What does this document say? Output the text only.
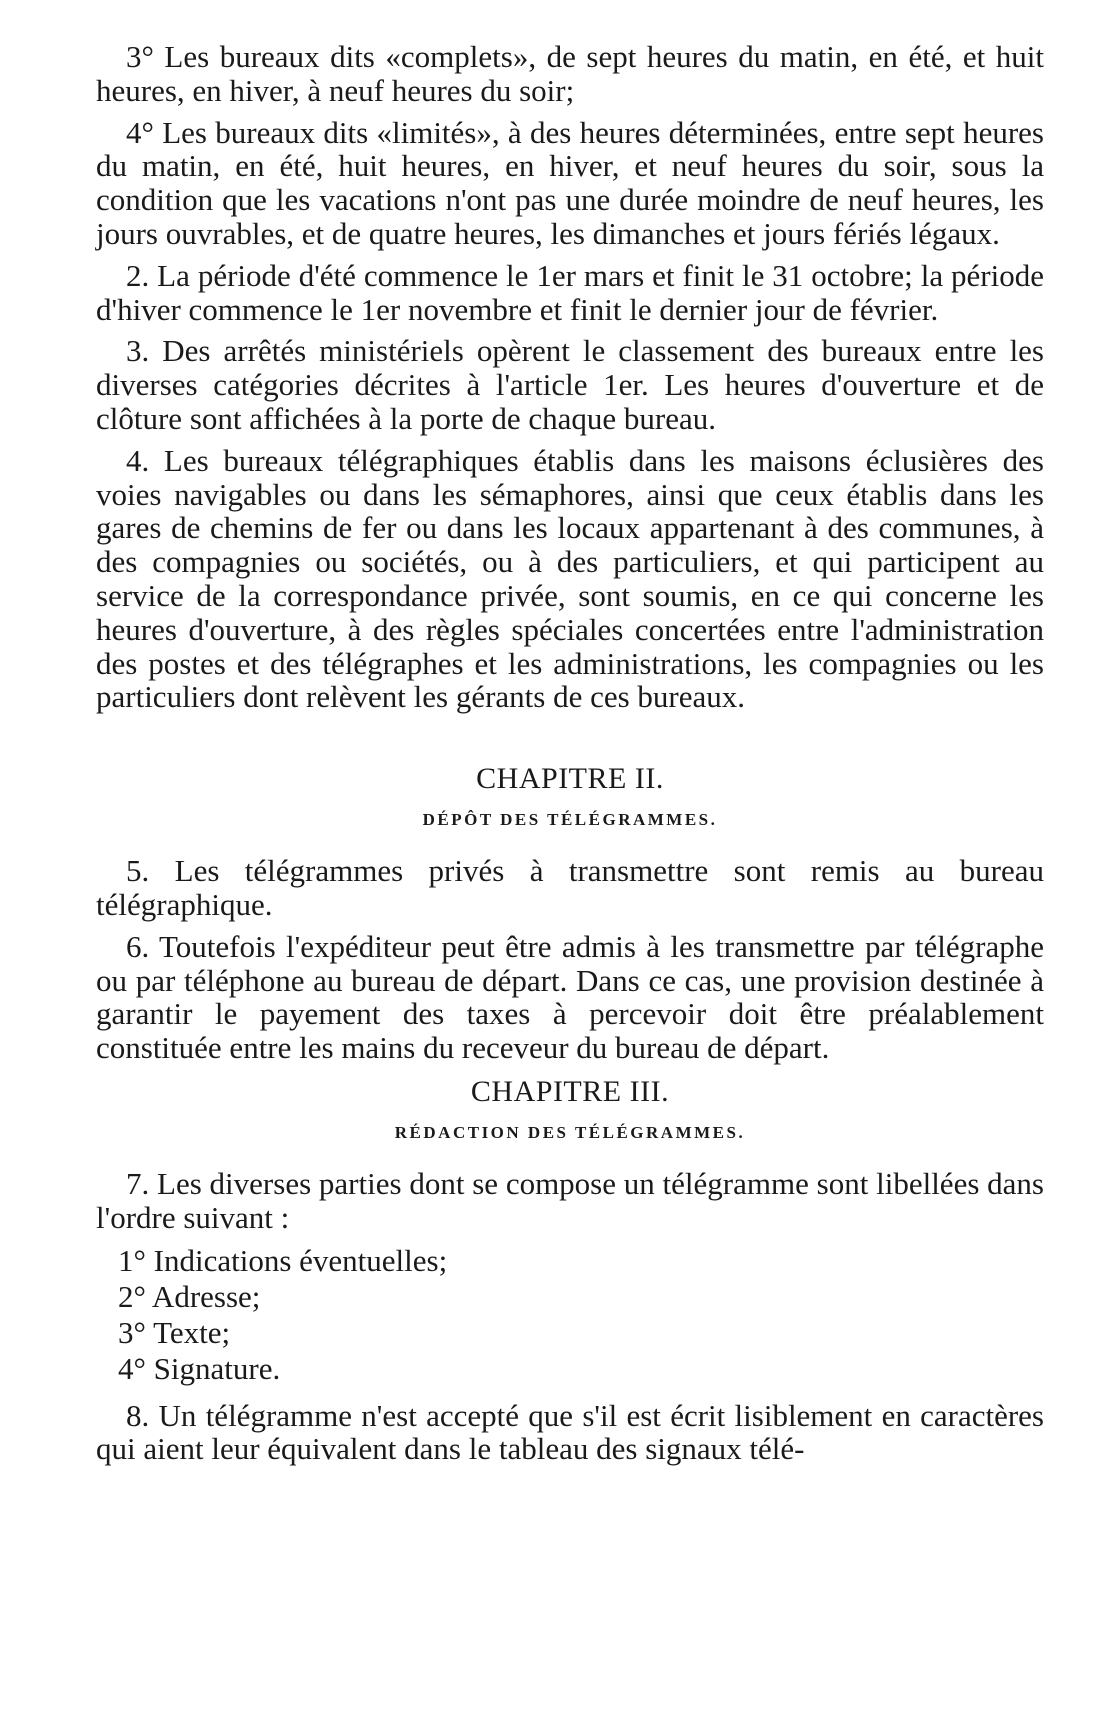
3° Les bureaux dits «complets», de sept heures du matin, en été, et huit heures, en hiver, à neuf heures du soir;

4° Les bureaux dits «limités», à des heures déterminées, entre sept heures du matin, en été, huit heures, en hiver, et neuf heures du soir, sous la condition que les vacations n'ont pas une durée moindre de neuf heures, les jours ouvrables, et de quatre heures, les dimanches et jours fériés légaux.

2. La période d'été commence le 1er mars et finit le 31 octobre; la période d'hiver commence le 1er novembre et finit le dernier jour de février.

3. Des arrêtés ministériels opèrent le classement des bureaux entre les diverses catégories décrites à l'article 1er. Les heures d'ouverture et de clôture sont affichées à la porte de chaque bureau.

4. Les bureaux télégraphiques établis dans les maisons éclusières des voies navigables ou dans les sémaphores, ainsi que ceux établis dans les gares de chemins de fer ou dans les locaux appartenant à des communes, à des compagnies ou sociétés, ou à des particuliers, et qui participent au service de la correspondance privée, sont soumis, en ce qui concerne les heures d'ouverture, à des règles spéciales concertées entre l'administration des postes et des télégraphes et les administrations, les compagnies ou les particuliers dont relèvent les gérants de ces bureaux.

CHAPITRE II.
DÉPÔT DES TÉLÉGRAMMES.

5. Les télégrammes privés à transmettre sont remis au bureau télégraphique.

6. Toutefois l'expéditeur peut être admis à les transmettre par télégraphe ou par téléphone au bureau de départ. Dans ce cas, une provision destinée à garantir le payement des taxes à percevoir doit être préalablement constituée entre les mains du receveur du bureau de départ.

CHAPITRE III.
RÉDACTION DES TÉLÉGRAMMES.

7. Les diverses parties dont se compose un télégramme sont libellées dans l'ordre suivant :

1° Indications éventuelles;

2° Adresse;

3° Texte;

4° Signature.

8. Un télégramme n'est accepté que s'il est écrit lisiblement en caractères qui aient leur équivalent dans le tableau des signaux télé-
